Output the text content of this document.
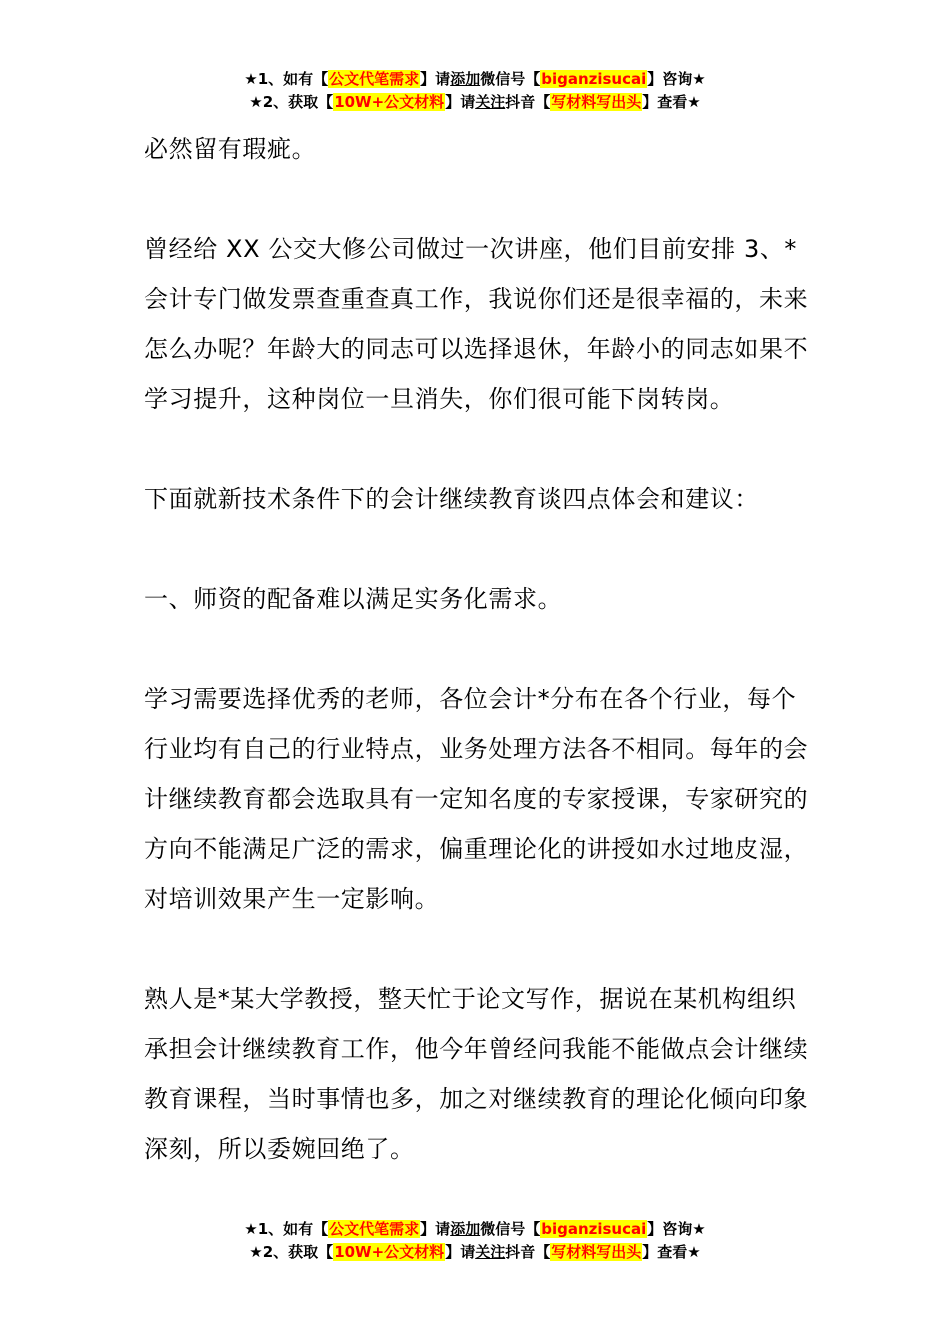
★1、如有【公文代笔需求】请添加微信号【biganzisucai】咨询★
★2、获取【10W+公文材料】请关注抖音【写材料写出头】查看★

必然留有瑕疵。

曾经给 XX 公交大修公司做过一次讲座，他们目前安排 3、*会计专门做发票查重查真工作，我说你们还是很幸福的，未来怎么办呢？年龄大的同志可以选择退休，年龄小的同志如果不学习提升，这种岗位一旦消失，你们很可能下岗转岗。

下面就新技术条件下的会计继续教育谈四点体会和建议：

一、师资的配备难以满足实务化需求。

学习需要选择优秀的老师，各位会计*分布在各个行业，每个行业均有自己的行业特点，业务处理方法各不相同。每年的会计继续教育都会选取具有一定知名度的专家授课，专家研究的方向不能满足广泛的需求，偏重理论化的讲授如水过地皮湿，对培训效果产生一定影响。

熟人是*某大学教授，整天忙于论文写作，据说在某机构组织承担会计继续教育工作，他今年曾经问我能不能做点会计继续教育课程，当时事情也多，加之对继续教育的理论化倾向印象深刻，所以委婉回绝了。

★1、如有【公文代笔需求】请添加微信号【biganzisucai】咨询★
★2、获取【10W+公文材料】请关注抖音【写材料写出头】查看★
